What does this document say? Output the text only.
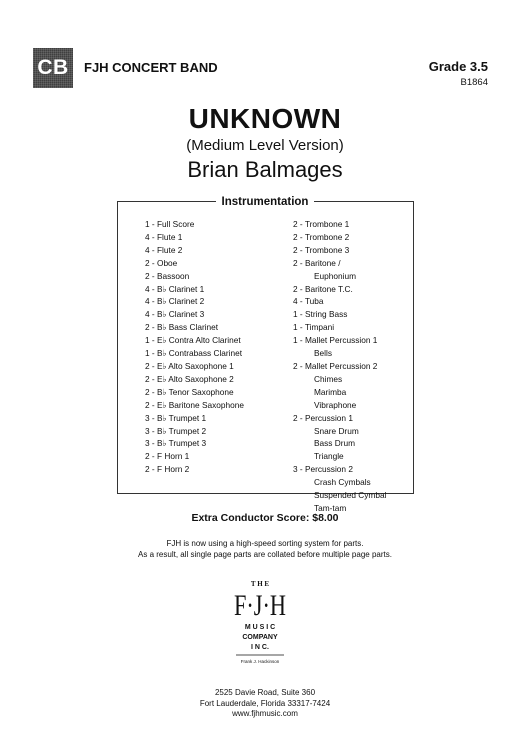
CB	FJH CONCERT BAND	Grade 3.5
B1864
UNKNOWN
(Medium Level Version)
Brian Balmages
Instrumentation
1 - Full Score
4 - Flute 1
4 - Flute 2
2 - Oboe
2 - Bassoon
4 - B♭ Clarinet 1
4 - B♭ Clarinet 2
4 - B♭ Clarinet 3
2 - B♭ Bass Clarinet
1 - E♭ Contra Alto Clarinet
1 - B♭ Contrabass Clarinet
2 - E♭ Alto Saxophone 1
2 - E♭ Alto Saxophone 2
2 - B♭ Tenor Saxophone
2 - E♭ Baritone Saxophone
3 - B♭ Trumpet 1
3 - B♭ Trumpet 2
3 - B♭ Trumpet 3
2 - F Horn 1
2 - F Horn 2
2 - Trombone 1
2 - Trombone 2
2 - Trombone 3
2 - Baritone /
Euphonium
2 - Baritone T.C.
4 - Tuba
1 - String Bass
1 - Timpani
1 - Mallet Percussion 1
Bells
2 - Mallet Percussion 2
Chimes
Marimba
Vibraphone
2 - Percussion 1
Snare Drum
Bass Drum
Triangle
3 - Percussion 2
Crash Cymbals
Suspended Cymbal
Tam-tam
Extra Conductor Score: $8.00
FJH is now using a high-speed sorting system for parts.
As a result, all single page parts are collated before multiple page parts.
T H E
F·J·H
M U S I C
COMPANY
I N C.
Frank J. Hackinson
2525 Davie Road, Suite 360
Fort Lauderdale, Florida 33317-7424
www.fjhmusic.com
